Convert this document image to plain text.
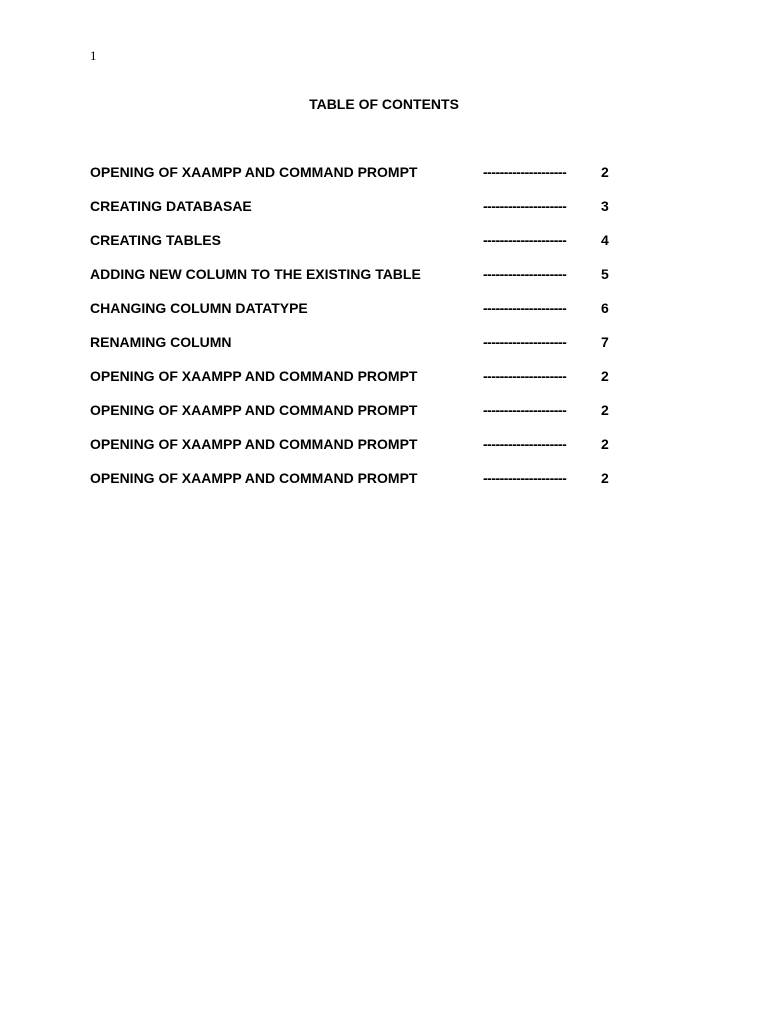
1
TABLE OF CONTENTS
OPENING OF XAAMPP AND COMMAND PROMPT	-------------------- 2
CREATING DATABASAE	-------------------- 3
CREATING TABLES	-------------------- 4
ADDING NEW COLUMN TO THE EXISTING TABLE	-------------------- 5
CHANGING COLUMN DATATYPE	-------------------- 6
RENAMING COLUMN	-------------------- 7
OPENING OF XAAMPP AND COMMAND PROMPT	-------------------- 2
OPENING OF XAAMPP AND COMMAND PROMPT	-------------------- 2
OPENING OF XAAMPP AND COMMAND PROMPT	-------------------- 2
OPENING OF XAAMPP AND COMMAND PROMPT	-------------------- 2
